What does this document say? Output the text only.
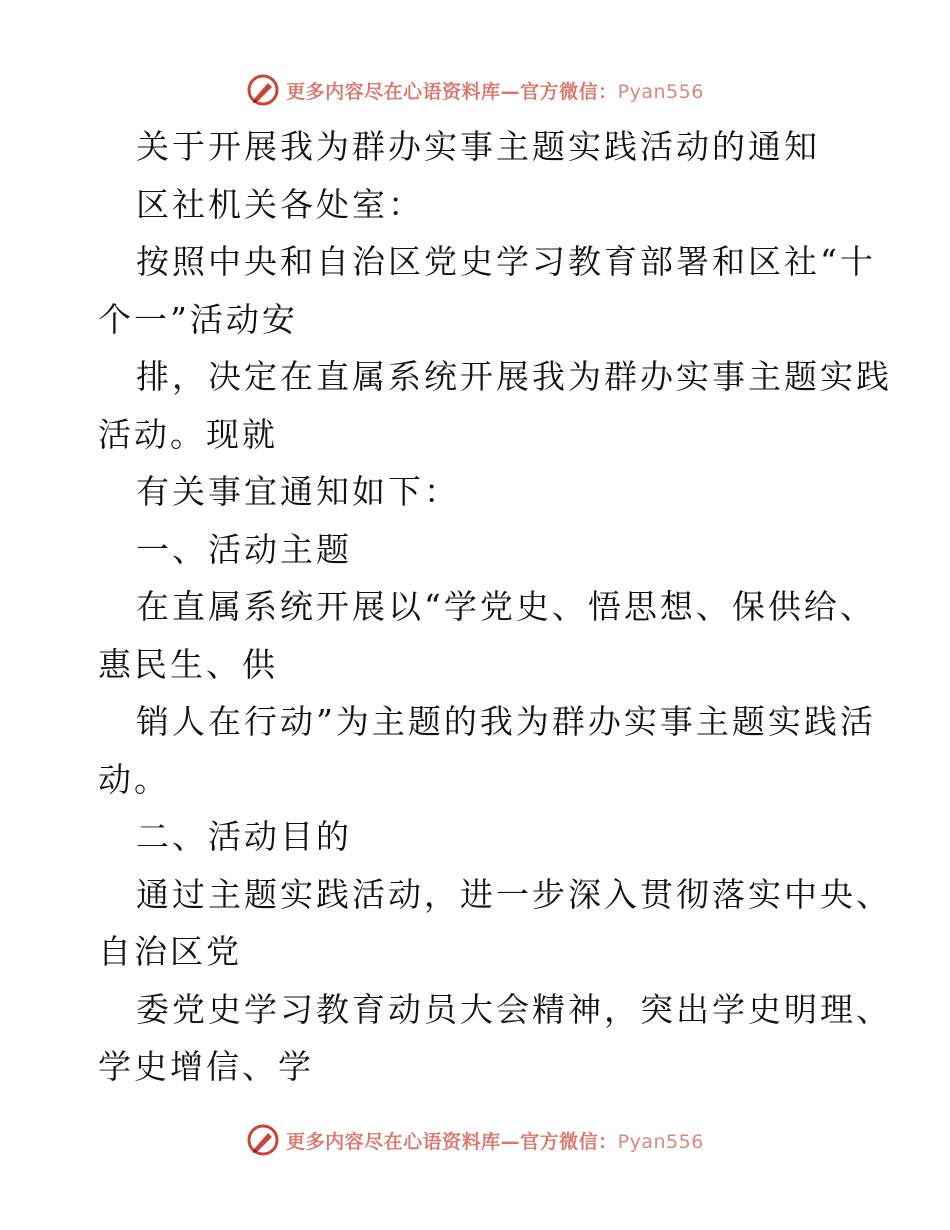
更多内容尽在心语资料库—官方微信：Pyan556
关于开展我为群办实事主题实践活动的通知
区社机关各处室：
按照中央和自治区党史学习教育部署和区社“十
个一”活动安
排，决定在直属系统开展我为群办实事主题实践
活动。现就
有关事宜通知如下：
一、活动主题
在直属系统开展以“学党史、悟思想、保供给、
惠民生、供
销人在行动”为主题的我为群办实事主题实践活
动。
二、活动目的
通过主题实践活动，进一步深入贯彻落实中央、
自治区党
委党史学习教育动员大会精神，突出学史明理、
学史增信、学
更多内容尽在心语资料库—官方微信：Pyan556
